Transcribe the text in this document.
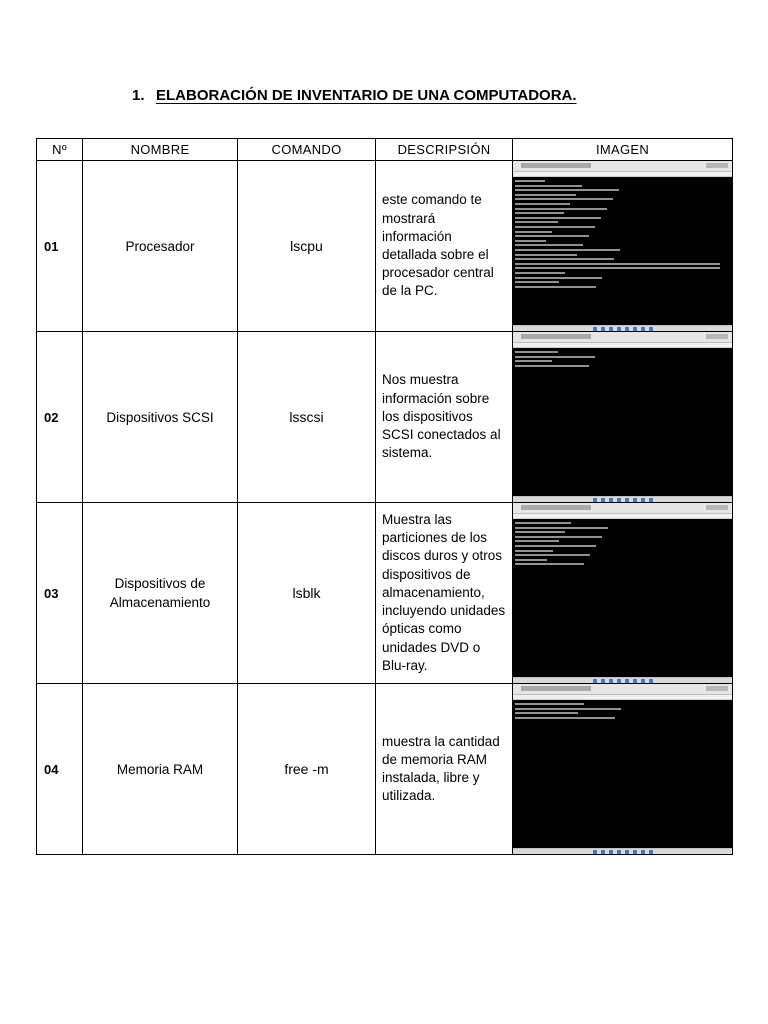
1. ELABORACIÓN DE INVENTARIO DE UNA COMPUTADORA.
Nº	NOMBRE	COMANDO	DESCRIPSIÓN	IMAGEN
01	Procesador	lscpu	este comando te mostrará información detallada sobre el procesador central de la PC.	

02	Dispositivos SCSI	lsscsi	Nos muestra información sobre los dispositivos SCSI conectados al sistema.	

03	Dispositivos de Almacenamiento	lsblk	Muestra las particiones de los discos duros y otros dispositivos de almacenamiento, incluyendo unidades ópticas como unidades DVD o Blu-ray.	

04	Memoria RAM	free -m	muestra la cantidad de memoria RAM instalada, libre y utilizada.	
